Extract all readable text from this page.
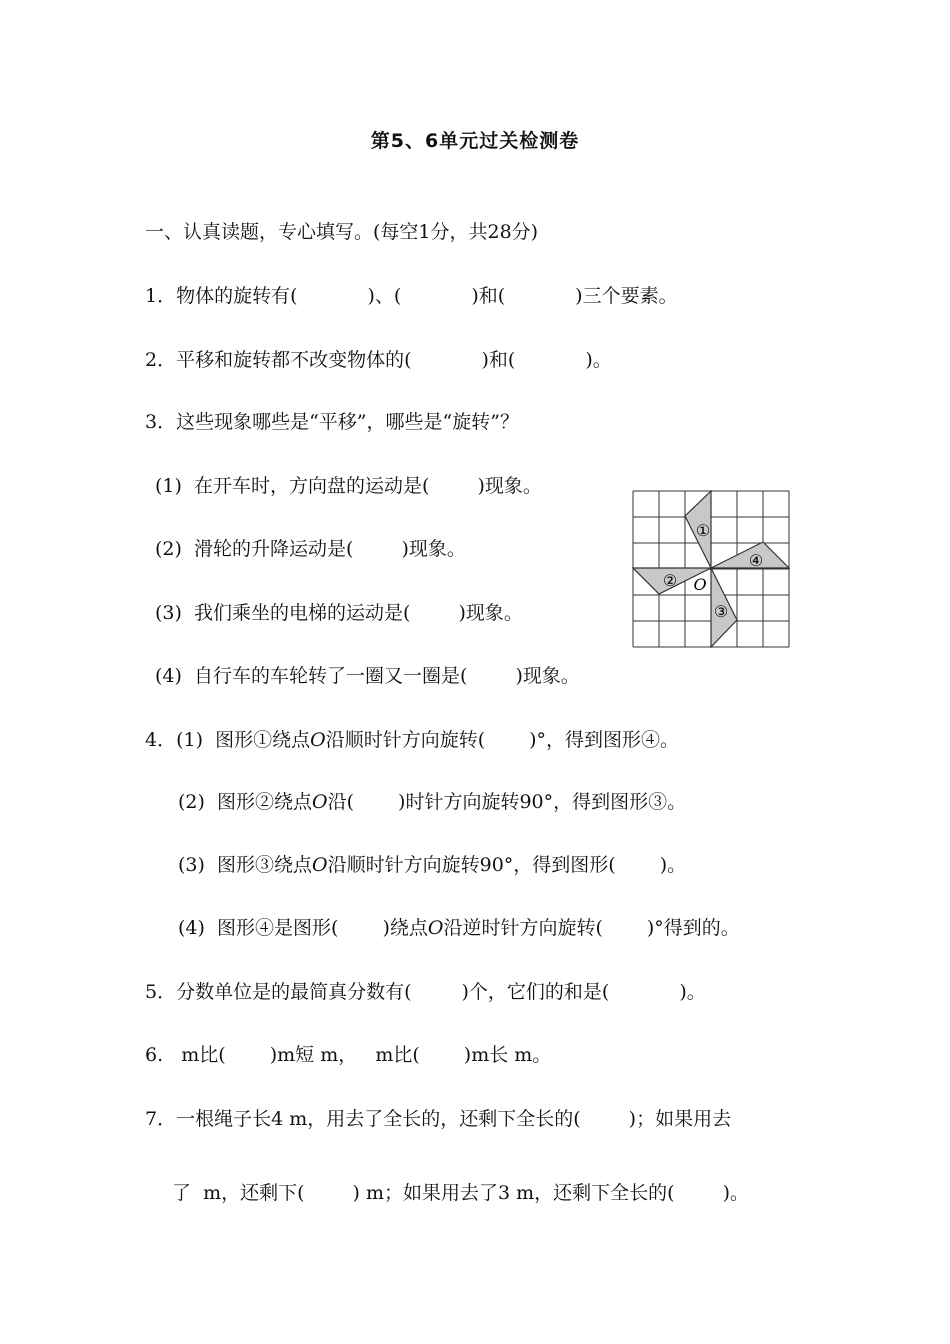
第5、6单元过关检测卷
一、认真读题，专心填写。(每空1分，共28分)
1．物体的旋转有(	)、(	)和(	)三个要素。
2．平移和旋转都不改变物体的(	)和(	)。
3．这些现象哪些是“平移”，哪些是“旋转”？
(1) 在开车时，方向盘的运动是(	)现象。
(2) 滑轮的升降运动是(	)现象。
(3) 我们乘坐的电梯的运动是(	)现象。
(4) 自行车的车轮转了一圈又一圈是(	)现象。
①
②
③
④
O
4．(1) 图形①绕点O沿顺时针方向旋转( )°，得到图形④。
(2) 图形②绕点O沿( )时针方向旋转90°，得到图形③。
(3) 图形③绕点O沿顺时针方向旋转90°，得到图形( )。
(4) 图形④是图形( )绕点O沿逆时针方向旋转( )°得到的。
5．分数单位是的最简真分数有(	)个，它们的和是(	)。
6. m比( )m短 m， m比( )m长 m。
7．一根绳子长4 m，用去了全长的，还剩下全长的(	)；如果用去
了 m，还剩下(	) m；如果用去了3 m，还剩下全长的(	)。
